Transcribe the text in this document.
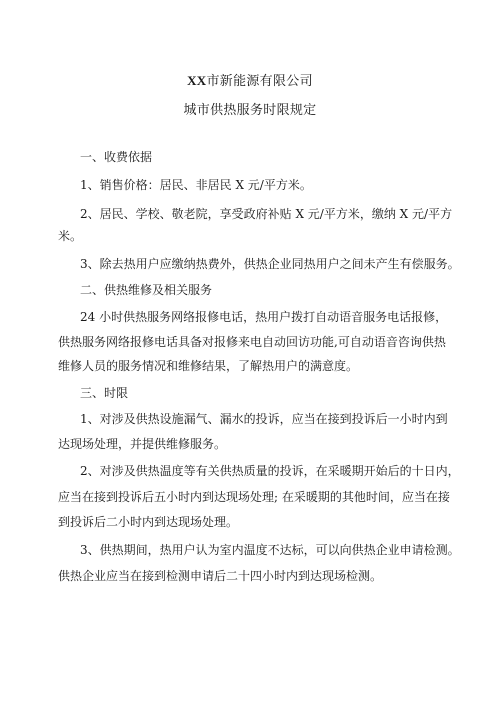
XX市新能源有限公司
城市供热服务时限规定

一、收费依据

1、销售价格：居民、非居民 X 元/平方米。

2、居民、学校、敬老院，享受政府补贴 X 元/平方米，缴纳 X 元/平方

米。

3、除去热用户应缴纳热费外，供热企业同热用户之间未产生有偿服务。

二、供热维修及相关服务

24 小时供热服务网络报修电话，热用户拨打自动语音服务电话报修，

供热服务网络报修电话具备对报修来电自动回访功能,可自动语音咨询供热

维修人员的服务情况和维修结果，了解热用户的满意度。

三、时限

1、对涉及供热设施漏气、漏水的投诉，应当在接到投诉后一小时内到

达现场处理，并提供维修服务。

2、对涉及供热温度等有关供热质量的投诉，在采暖期开始后的十日内，

应当在接到投诉后五小时内到达现场处理; 在采暖期的其他时间，应当在接

到投诉后二小时内到达现场处理。

3、供热期间，热用户认为室内温度不达标，可以向供热企业申请检测。

供热企业应当在接到检测申请后二十四小时内到达现场检测。
